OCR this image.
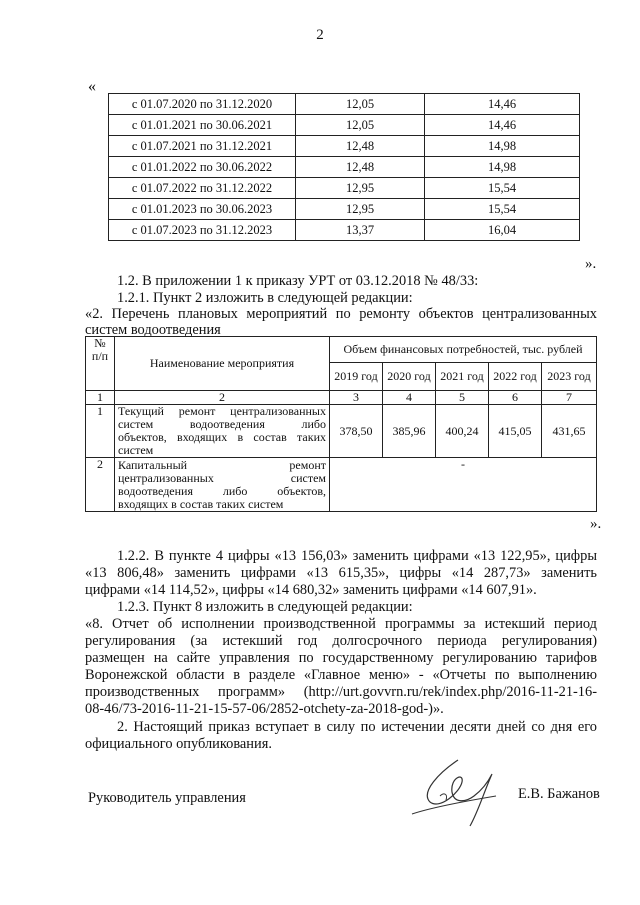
2
«
с 01.07.2020 по 31.12.2020	12,05	14,46
с 01.01.2021 по 30.06.2021	12,05	14,46
с 01.07.2021 по 31.12.2021	12,48	14,98
с 01.01.2022 по 30.06.2022	12,48	14,98
с 01.07.2022 по 31.12.2022	12,95	15,54
с 01.01.2023 по 30.06.2023	12,95	15,54
с 01.07.2023 по 31.12.2023	13,37	16,04
».
1.2. В приложении 1 к приказу УРТ от 03.12.2018 № 48/33:
1.2.1. Пункт 2 изложить в следующей редакции:
«2. Перечень плановых мероприятий по ремонту объектов централизованных
систем водоотведения
№ п/п	Наименование мероприятия	Объем финансовых потребностей, тыс. рублей				
		2019 год	2020 год	2021 год	2022 год	2023 год
1	2	3	4	5	6	7
1	Текущий ремонт централизованных
систем водоотведения либо
объектов, входящих в состав таких
систем	378,50	385,96	400,24	415,05	431,65
2	Капитальный ремонт
централизованных систем
водоотведения либо объектов,
входящих в состав таких систем	-				
».
1.2.2. В пункте 4 цифры «13 156,03» заменить цифрами «13 122,95», цифры
«13 806,48» заменить цифрами «13 615,35», цифры «14 287,73» заменить
цифрами «14 114,52», цифры «14 680,32» заменить цифрами «14 607,91».
1.2.3. Пункт 8 изложить в следующей редакции:
«8. Отчет об исполнении производственной программы за истекший период
регулирования (за истекший год долгосрочного периода регулирования)
размещен на сайте управления по государственному регулированию тарифов
Воронежской области в разделе «Главное меню» - «Отчеты по выполнению
производственных программ» (http://urt.govvrn.ru/rek/index.php/2016-11-21-16-
08-46/73-2016-11-21-15-57-06/2852-otchety-za-2018-god-)».
2. Настоящий приказ вступает в силу по истечении десяти дней со дня его
официального опубликования.
Руководитель управления	Е.В. Бажанов
